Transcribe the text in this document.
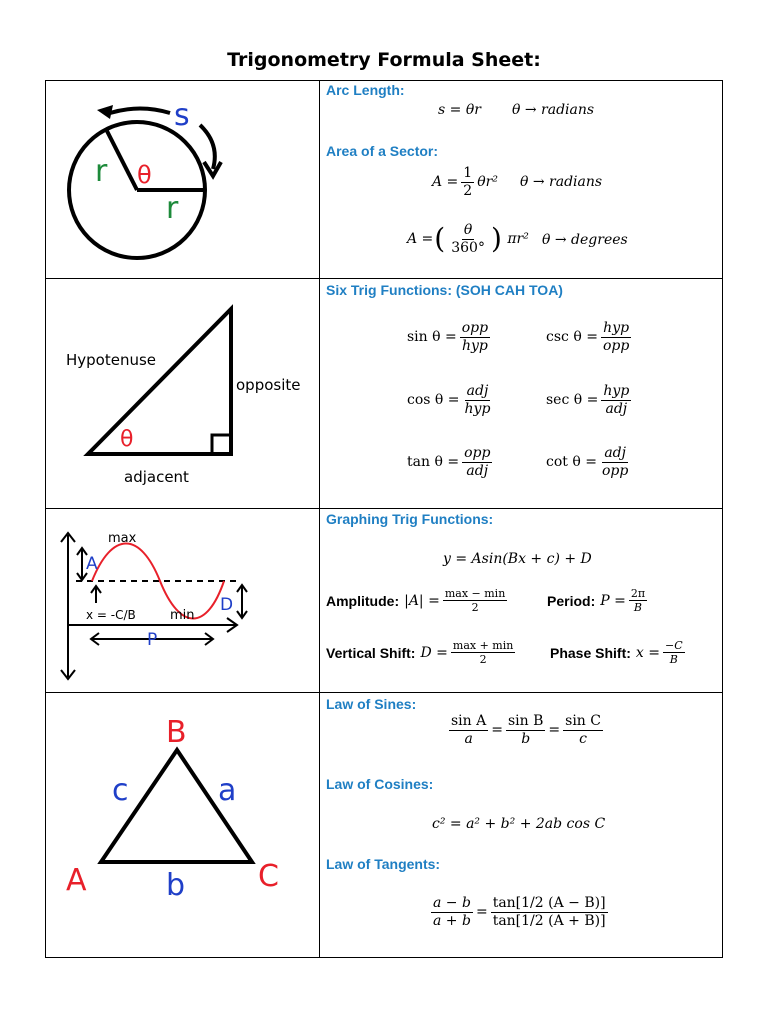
Trigonometry Formula Sheet:
s
r
r
θ
Arc Length:
s = θr θ → radians
Area of a Sector:
$A = \frac{1}{2} \theta r^2$ θ → radians
A = ( $\frac{\theta}{360^\circ}$ ) πr² θ → degrees
Hypotenuse
opposite
adjacent
θ
Six Trig Functions: (SOH CAH TOA)
$\sin \theta = \frac{\text{opp}}{\text{hyp}}$	$\csc \theta = \frac{\text{hyp}}{\text{opp}}$
$\cos \theta = \frac{\text{adj}}{\text{hyp}}$	$\sec \theta = \frac{\text{hyp}}{\text{adj}}$
$\tan \theta = \frac{\text{opp}}{\text{adj}}$	$\cot \theta = \frac{\text{adj}}{\text{opp}}$
max
min
A
D
P
x = -C/B
Graphing Trig Functions:
y = Asin(Bx + c) + D
Amplitude: $|A| = \frac{\max - \min}{2}$	Period: $P = \frac{2\pi}{B}$
Vertical Shift: $D = \frac{\max + \min}{2}$ Phase Shift: $x = \frac{-C}{B}$
B
A	C
c	a
b
Law of Sines:
$\frac{\text{sin A}}{a} = \frac{\text{sin B}}{b} = \frac{\text{sin C}}{c}$
Law of Cosines:
c² = a² + b² + 2ab cos C
Law of Tangents:
$\frac{a - b}{a + b} = \frac{\tan[1/2 (A - B)]}{\tan[1/2 (A + B)]}$
